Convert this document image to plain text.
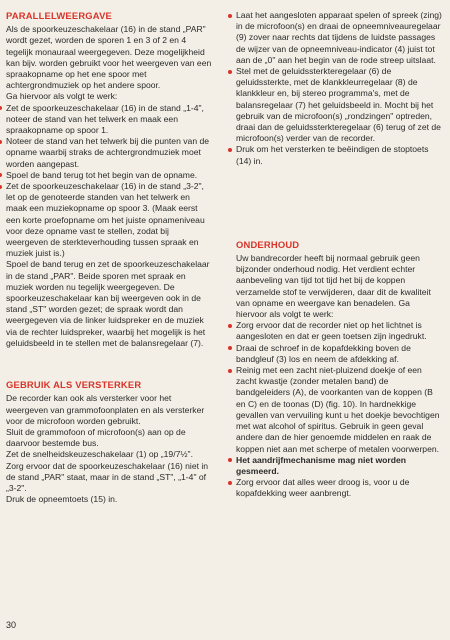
PARALLELWEERGAVE

Als de spoorkeuzeschakelaar (16) in de stand „PAR" wordt gezet, worden de sporen 1 en 3 of 2 en 4 tegelijk monauraal weergegeven. Deze mogelijkheid kan bijv. worden gebruikt voor het weergeven van een spraakopname op het ene spoor met achtergrondmuziek op het andere spoor.

Ga hiervoor als volgt te werk:

Zet de spoorkeuzeschakelaar (16) in de stand „1-4", noteer de stand van het telwerk en maak een spraakopname op spoor 1.

Noteer de stand van het telwerk bij die punten van de opname waarbij straks de achtergrondmuziek moet worden aangepast.

Spoel de band terug tot het begin van de opname.

Zet de spoorkeuzeschakelaar (16) in de stand „3-2", let op de genoteerde standen van het telwerk en maak een muziekopname op spoor 3. (Maak eerst een korte proefopname om het juiste opnameniveau voor deze opname vast te stellen, zodat bij weergeven de sterkteverhouding tussen spraak en muziek juist is.)

Spoel de band terug en zet de spoorkeuzeschakelaar in de stand „PAR". Beide sporen met spraak en muziek worden nu tegelijk weergegeven. De spoorkeuzeschakelaar kan bij weergeven ook in de stand „ST" worden gezet; de spraak wordt dan weergegeven via de linker luidspreker en de muziek via de rechter luidspreker, waarbij het mogelijk is het geluidsbeeld in te stellen met de balansregelaar (7).

GEBRUIK ALS VERSTERKER

De recorder kan ook als versterker voor het weergeven van grammofoonplaten en als versterker voor de microfoon worden gebruikt.

Sluit de grammofoon of microfoon(s) aan op de daarvoor bestemde bus.

Zet de snelheidskeuzeschakelaar (1) op „19/7½".

Zorg ervoor dat de spoorkeuzeschakelaar (16) niet in de stand „PAR" staat, maar in de stand „ST", „1-4" of „3-2".

Druk de opneemtoets (15) in.

Laat het aangesloten apparaat spelen of spreek (zing) in de microfoon(s) en draai de opneemniveauregelaar (9) zover naar rechts dat tijdens de luidste passages de wijzer van de opneemniveau-indicator (4) juist tot aan de „0" aan het begin van de rode streep uitslaat.

Stel met de geluidssterkteregelaar (6) de geluidssterkte, met de klankkleurregelaar (8) de klankkleur en, bij stereo programma's, met de balansregelaar (7) het geluidsbeeld in. Mocht bij het gebruik van de microfoon(s) „rondzingen" optreden, draai dan de geluidssterkteregelaar (6) terug of zet de microfoon(s) verder van de recorder.

Druk om het versterken te beëindigen de stoptoets (14) in.

ONDERHOUD

Uw bandrecorder heeft bij normaal gebruik geen bijzonder onderhoud nodig. Het verdient echter aanbeveling van tijd tot tijd het bij de koppen verzamelde stof te verwijderen, daar dit de kwaliteit van opname en weergave kan benadelen. Ga hiervoor als volgt te werk:

Zorg ervoor dat de recorder niet op het lichtnet is aangesloten en dat er geen toetsen zijn ingedrukt.

Draai de schroef in de kopafdekking boven de bandgleuf (3) los en neem de afdekking af.

Reinig met een zacht niet-pluizend doekje of een zacht kwastje (zonder metalen band) de bandgeleiders (A), de voorkanten van de koppen (B en C) en de toonas (D) (fig. 10). In hardnekkige gevallen van vervuiling kunt u het doekje bevochtigen met wat alcohol of spiritus. Gebruik in geen geval andere dan de hier genoemde middelen en raak de koppen niet aan met scherpe of metalen voorwerpen.

Het aandrijfmechanisme mag niet worden gesmeerd.

Zorg ervoor dat alles weer droog is, voor u de kopafdekking weer aanbrengt.

30
